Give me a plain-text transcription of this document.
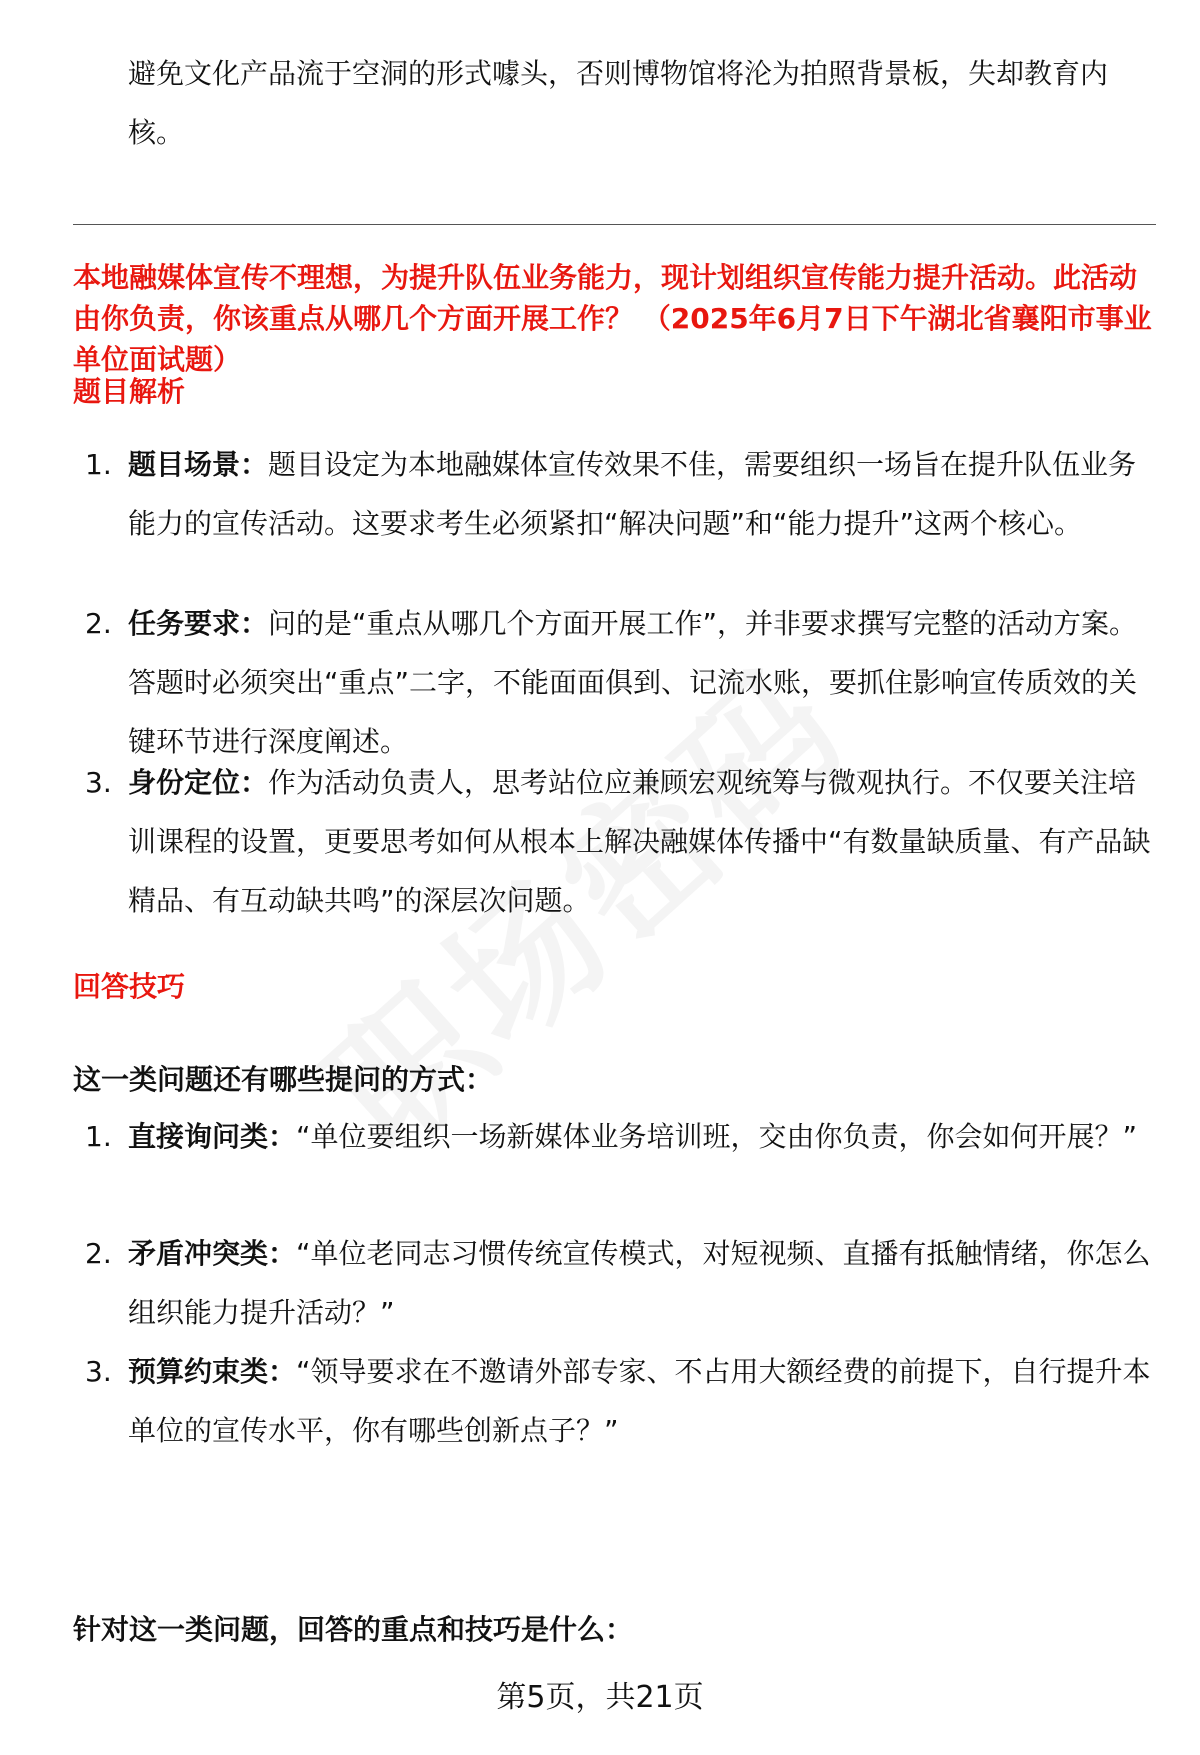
避免文化产品流于空洞的形式噱头，否则博物馆将沦为拍照背景板，失却教育内核。
本地融媒体宣传不理想，为提升队伍业务能力，现计划组织宣传能力提升活动。此活动由你负责，你该重点从哪几个方面开展工作？ （2025年6月7日下午湖北省襄阳市事业单位面试题）
题目解析
1. 题目场景：题目设定为本地融媒体宣传效果不佳，需要组织一场旨在提升队伍业务能力的宣传活动。这要求考生必须紧扣“解决问题”和“能力提升”这两个核心。
2. 任务要求：问的是“重点从哪几个方面开展工作”，并非要求撰写完整的活动方案。答题时必须突出“重点”二字，不能面面俱到、记流水账，要抓住影响宣传质效的关键环节进行深度阐述。
3. 身份定位：作为活动负责人，思考站位应兼顾宏观统筹与微观执行。不仅要关注培训课程的设置，更要思考如何从根本上解决融媒体传播中“有数量缺质量、有产品缺精品、有互动缺共鸣”的深层次问题。
回答技巧
这一类问题还有哪些提问的方式：
1. 直接询问类：“单位要组织一场新媒体业务培训班，交由你负责，你会如何开展？”
2. 矛盾冲突类：“单位老同志习惯传统宣传模式，对短视频、直播有抵触情绪，你怎么组织能力提升活动？”
3. 预算约束类：“领导要求在不邀请外部专家、不占用大额经费的前提下，自行提升本单位的宣传水平，你有哪些创新点子？”
针对这一类问题，回答的重点和技巧是什么：
第5页，共21页
